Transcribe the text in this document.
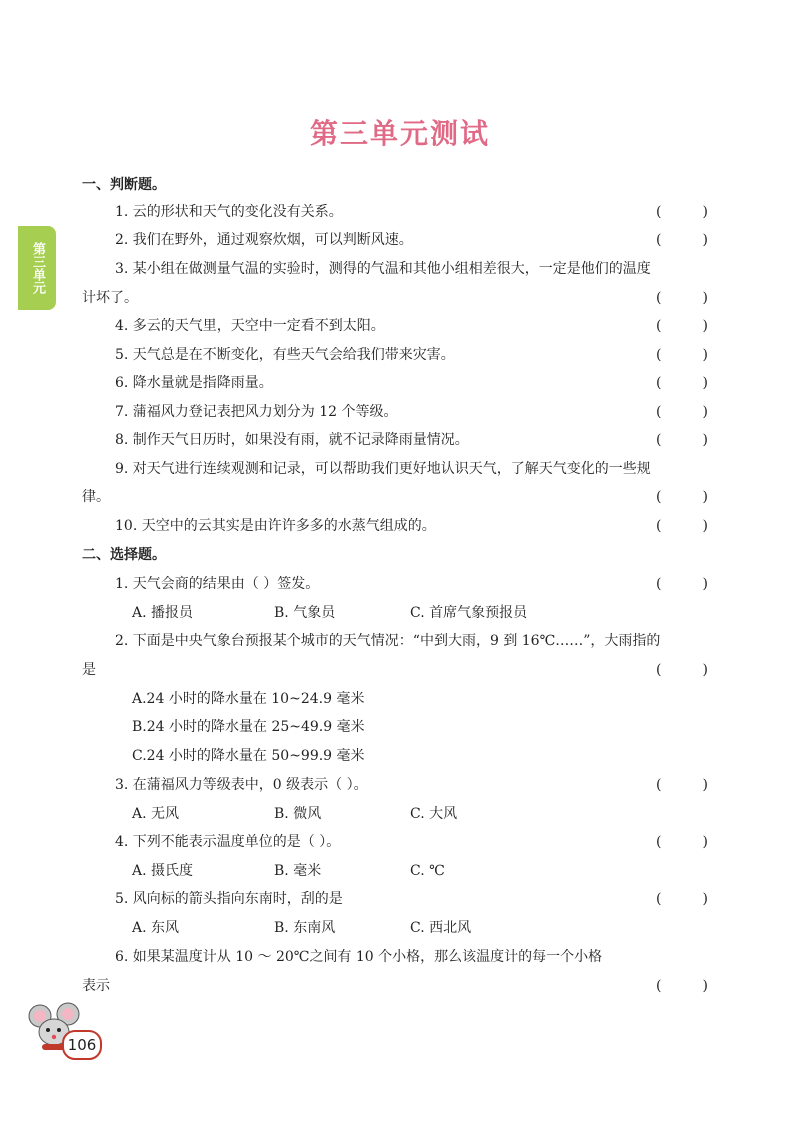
第三单元测试
第三单元
一、判断题。
1. 云的形状和天气的变化没有关系。	(	)
2. 我们在野外，通过观察炊烟，可以判断风速。	(	)
3. 某小组在做测量气温的实验时，测得的气温和其他小组相差很大，一定是他们的温度
计坏了。	(	)
4. 多云的天气里，天空中一定看不到太阳。	(	)
5. 天气总是在不断变化，有些天气会给我们带来灾害。	(	)
6. 降水量就是指降雨量。	(	)
7. 蒲福风力登记表把风力划分为 12 个等级。	(	)
8. 制作天气日历时，如果没有雨，就不记录降雨量情况。	(	)
9. 对天气进行连续观测和记录，可以帮助我们更好地认识天气，了解天气变化的一些规
律。	(	)
10. 天空中的云其实是由许许多多的水蒸气组成的。	(	)
二、选择题。
1. 天气会商的结果由（ ）签发。	(	)
A. 播报员	B. 气象员	C. 首席气象预报员
2. 下面是中央气象台预报某个城市的天气情况：“中到大雨，9 到 16℃……”，大雨指的
是	(	)
A.24 小时的降水量在 10~24.9 毫米
B.24 小时的降水量在 25~49.9 毫米
C.24 小时的降水量在 50~99.9 毫米
3. 在蒲福风力等级表中，0 级表示（ ）。	(	)
A. 无风	B. 微风	C. 大风
4. 下列不能表示温度单位的是（ ）。	(	)
A. 摄氏度	B. 毫米	C. ℃
5. 风向标的箭头指向东南时，刮的是	(	)
A. 东风	B. 东南风	C. 西北风
6. 如果某温度计从 10 ～ 20℃之间有 10 个小格，那么该温度计的每一个小格
表示	(	)
106
